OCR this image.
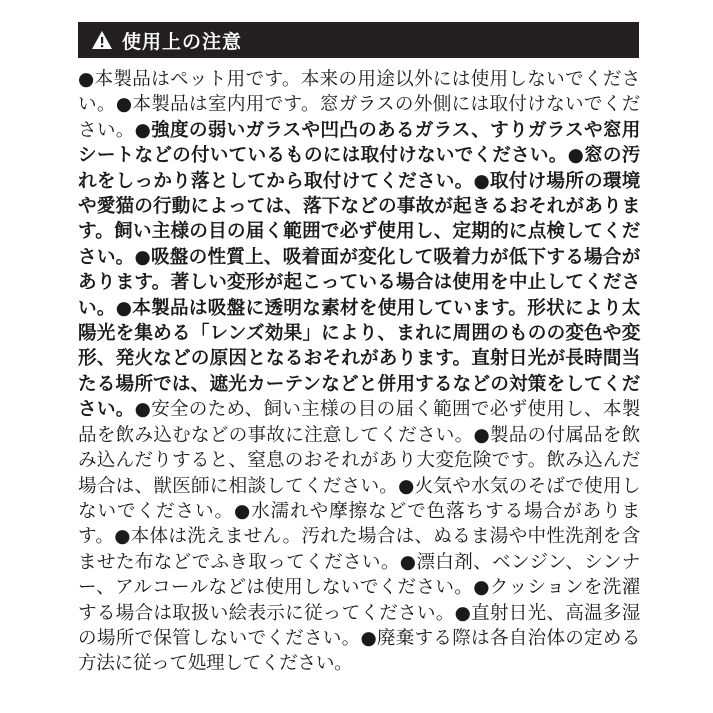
使用上の注意

●本製品はペット用です。本来の用途以外には使用しないでください。●本製品は室内用です。窓ガラスの外側には取付けないでください。●強度の弱いガラスや凹凸のあるガラス、すりガラスや窓用シートなどの付いているものには取付けないでください。●窓の汚れをしっかり落としてから取付けてください。●取付け場所の環境や愛猫の行動によっては、落下などの事故が起きるおそれがあります。飼い主様の目の届く範囲で必ず使用し、定期的に点検してください。●吸盤の性質上、吸着面が変化して吸着力が低下する場合があります。著しい変形が起こっている場合は使用を中止してください。●本製品は吸盤に透明な素材を使用しています。形状により太陽光を集める「レンズ効果」により、まれに周囲のものの変色や変形、発火などの原因となるおそれがあります。直射日光が長時間当たる場所では、遮光カーテンなどと併用するなどの対策をしてください。●安全のため、飼い主様の目の届く範囲で必ず使用し、本製品を飲み込むなどの事故に注意してください。●製品の付属品を飲み込んだりすると、窒息のおそれがあり大変危険です。飲み込んだ場合は、獣医師に相談してください。●火気や水気のそばで使用しないでください。●水濡れや摩擦などで色落ちする場合があります。●本体は洗えません。汚れた場合は、ぬるま湯や中性洗剤を含ませた布などでふき取ってください。●漂白剤、ベンジン、シンナー、アルコールなどは使用しないでください。●クッションを洗濯する場合は取扱い絵表示に従ってください。●直射日光、高温多湿の場所で保管しないでください。●廃棄する際は各自治体の定める方法に従って処理してください。
